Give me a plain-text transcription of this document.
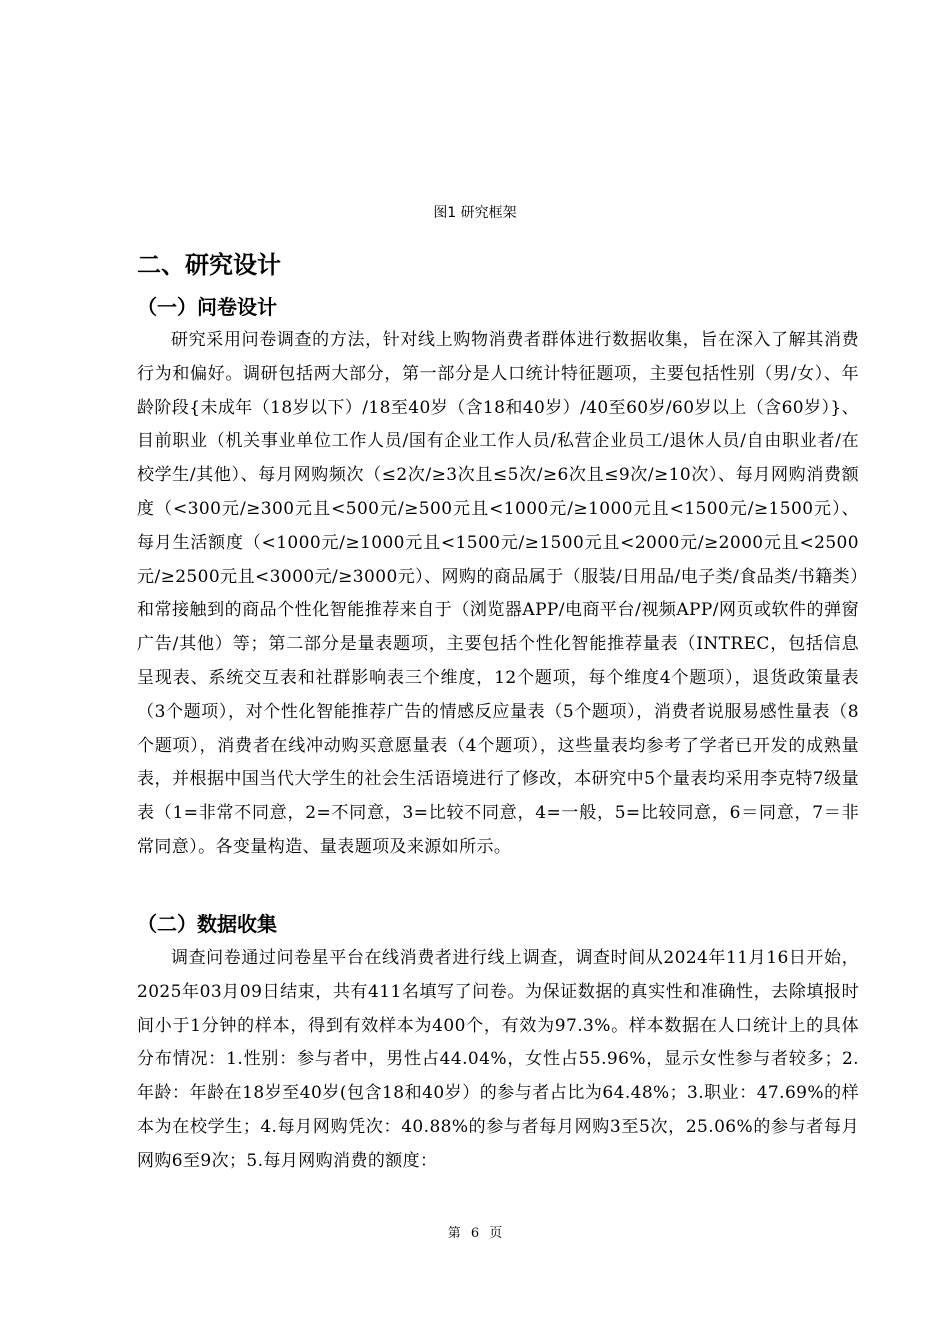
图1 研究框架
二、研究设计
（一）问卷设计

研究采用问卷调查的方法，针对线上购物消费者群体进行数据收集，旨在深入了解其消费行为和偏好。调研包括两大部分，第一部分是人口统计特征题项，主要包括性别（男/女）、年龄阶段{未成年（18岁以下）/18至40岁（含18和40岁）/40至60岁/60岁以上（含60岁）}、目前职业（机关事业单位工作人员/国有企业工作人员/私营企业员工/退休人员/自由职业者/在校学生/其他）、每月网购频次（≤2次/≥3次且≤5次/≥6次且≤9次/≥10次）、每月网购消费额度（<300元/≥300元且<500元/≥500元且<1000元/≥1000元且<1500元/≥1500元）、每月生活额度（<1000元/≥1000元且<1500元/≥1500元且<2000元/≥2000元且<2500元/≥2500元且<3000元/≥3000元）、网购的商品属于（服装/日用品/电子类/食品类/书籍类）和常接触到的商品个性化智能推荐来自于（浏览器APP/电商平台/视频APP/网页或软件的弹窗广告/其他）等；第二部分是量表题项，主要包括个性化智能推荐量表（INTREC，包括信息呈现表、系统交互表和社群影响表三个维度，12个题项，每个维度4个题项），退货政策量表（3个题项），对个性化智能推荐广告的情感反应量表（5个题项），消费者说服易感性量表（8个题项），消费者在线冲动购买意愿量表（4个题项），这些量表均参考了学者已开发的成熟量表，并根据中国当代大学生的社会生活语境进行了修改，本研究中5个量表均采用李克特7级量表（1=非常不同意，2=不同意，3=比较不同意，4=一般，5=比较同意，6＝同意，7＝非常同意）。各变量构造、量表题项及来源如所示。

（二）数据收集

调查问卷通过问卷星平台在线消费者进行线上调查，调查时间从2024年11月16日开始，2025年03月09日结束，共有411名填写了问卷。为保证数据的真实性和准确性，去除填报时间小于1分钟的样本，得到有效样本为400个，有效为97.3%。样本数据在人口统计上的具体分布情况：1.性别：参与者中，男性占44.04%，女性占55.96%，显示女性参与者较多；2.年龄：年龄在18岁至40岁(包含18和40岁）的参与者占比为64.48%；3.职业：47.69%的样本为在校学生；4.每月网购凭次：40.88%的参与者每月网购3至5次，25.06%的参与者每月网购6至9次；5.每月网购消费的额度：

第 6 页
